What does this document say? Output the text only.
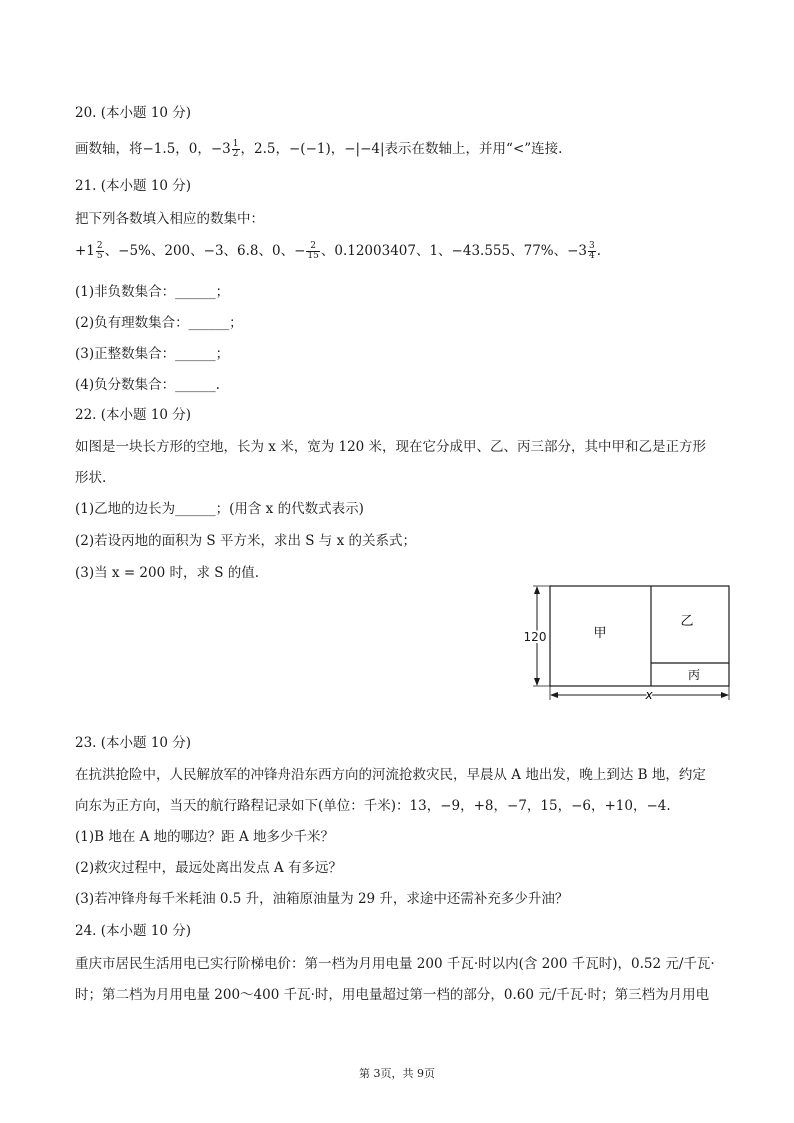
20. (本小题 10 分)
画数轴，将−1.5，0，$-3 \frac{1}{2}$ ，2.5，−(−1)，−|−4|表示在数轴上，并用“<”连接.
21. (本小题 10 分)
把下列各数填入相应的数集中：
$+1 \frac{2}{5}$ 、−5%、200、−3、6.8、0、− $\frac{2}{15}$ 、0.12003407、1、−43.555、77%、$-3 \frac{3}{4}$ .
(1)非负数集合：______；
(2)负有理数集合：______；
(3)正整数集合：______；
(4)负分数集合：______.
22. (本小题 10 分)
如图是一块长方形的空地，长为 x 米，宽为 120 米，现在它分成甲、乙、丙三部分，其中甲和乙是正方形
形状.
(1)乙地的边长为______；(用含 x 的代数式表示)
(2)若设丙地的面积为 S 平方米，求出 S 与 x 的关系式；
(3)当 x = 200 时，求 S 的值.
甲
乙
丙
120
x
23. (本小题 10 分)
在抗洪抢险中，人民解放军的冲锋舟沿东西方向的河流抢救灾民，早晨从 A 地出发，晚上到达 B 地，约定
向东为正方向，当天的航行路程记录如下(单位：千米)：13，−9，+8，−7，15，−6，+10，−4.
(1)B 地在 A 地的哪边？距 A 地多少千米？
(2)救灾过程中，最远处离出发点 A 有多远？
(3)若冲锋舟每千米耗油 0.5 升，油箱原油量为 29 升，求途中还需补充多少升油？
24. (本小题 10 分)
重庆市居民生活用电已实行阶梯电价：第一档为月用电量 200 千瓦·时以内(含 200 千瓦时)，0.52 元/千瓦·
时；第二档为月用电量 200～400 千瓦·时，用电量超过第一档的部分，0.60 元/千瓦·时；第三档为月用电
第 3页，共 9页
